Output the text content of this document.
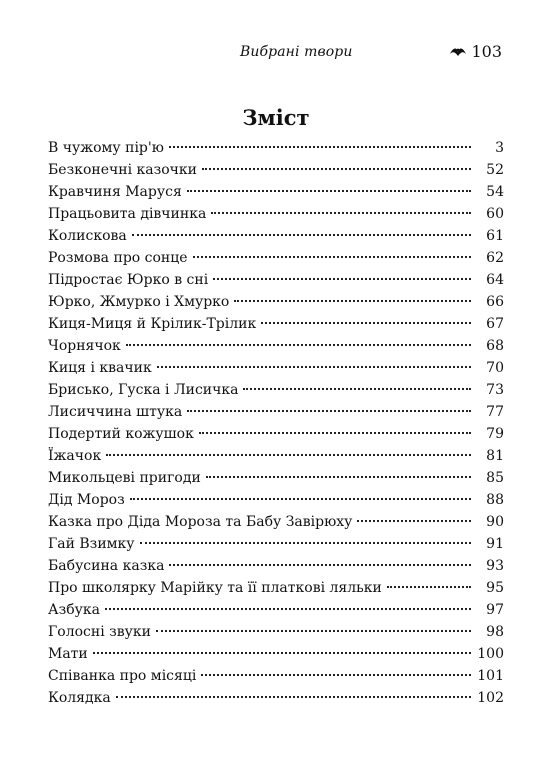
Вибрані твори	103
Зміст
В чужому пір'ю	3
Безконечні казочки	52
Кравчиня Маруся	54
Працьовита дівчинка	60
Колискова	61
Розмова про сонце	62
Підростає Юрко в сні	64
Юрко, Жмурко і Хмурко	66
Киця-Миця й Крілик-Трілик	67
Чорнячок	68
Киця і квачик	70
Брисько, Гуска і Лисичка	73
Лисиччина штука	77
Подертий кожушок	79
Їжачок	81
Микольцеві пригоди	85
Дід Мороз	88
Казка про Діда Мороза та Бабу Завірюху	90
Гай Взимку	91
Бабусина казка	93
Про школярку Марійку та її платкові ляльки	95
Азбука	97
Голосні звуки	98
Мати	100
Співанка про місяці	101
Колядка	102
